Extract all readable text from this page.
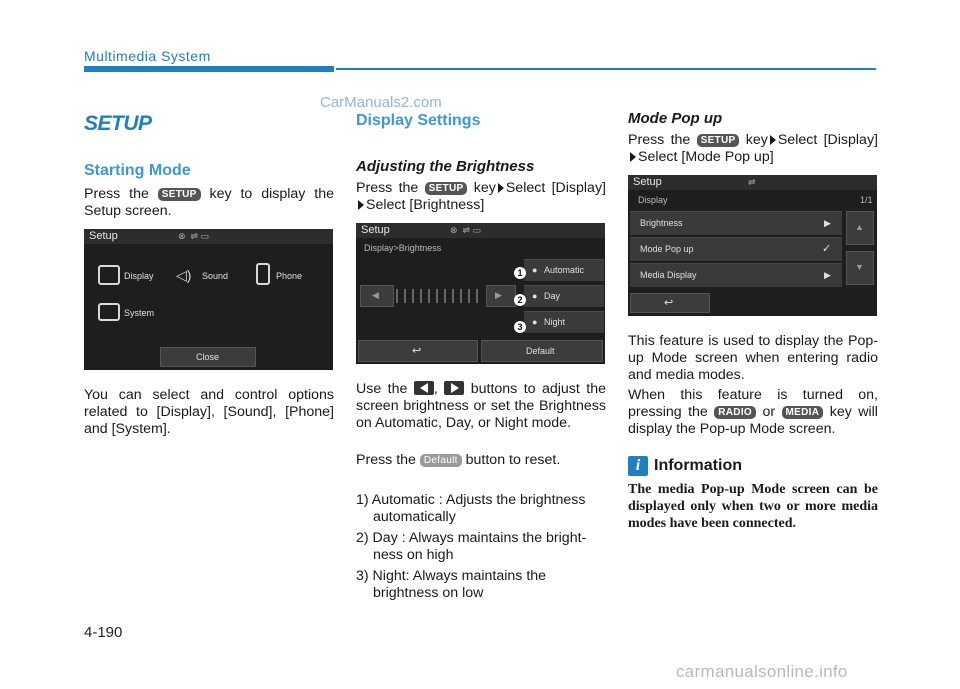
Multimedia System
CarManuals2.com
SETUP
Starting Mode
Press the SETUP key to display the Setup screen.
Setup	⊗  ⇌ ▭
Display ◁) Sound	Phone
System
Close
You can select and control options related to [Display], [Sound], [Phone] and [System].
Display Settings
Adjusting the Brightness
Press the SETUP key Select [Display] Select [Brightness]
Setup	⊗  ⇌ ▭
Display>Brightness
◀	▶
● Automatic
● Day
● Night
1
2
3
↩	Default
Use the , buttons to adjust the screen brightness or set the Brightness on Automatic, Day, or Night mode.
Press the Default button to reset.
1) Automatic : Adjusts the brightness automatically
2) Day : Always maintains the bright-ness on high
3) Night: Always maintains the brightness on low
Mode Pop up
Press the SETUP key Select [Display] Select [Mode Pop up]
Setup	⇌
Display	1/1
Brightness	▶
Mode Pop up	✓
Media Display	▶
▲
▼
↩
This feature is used to display the Pop-up Mode screen when entering radio and media modes.
When this feature is turned on, pressing the RADIO or MEDIA key will display the Pop-up Mode screen.
i Information
The media Pop-up Mode screen can be displayed only when two or more media modes have been connected.
4-190
carmanualsonline.info
